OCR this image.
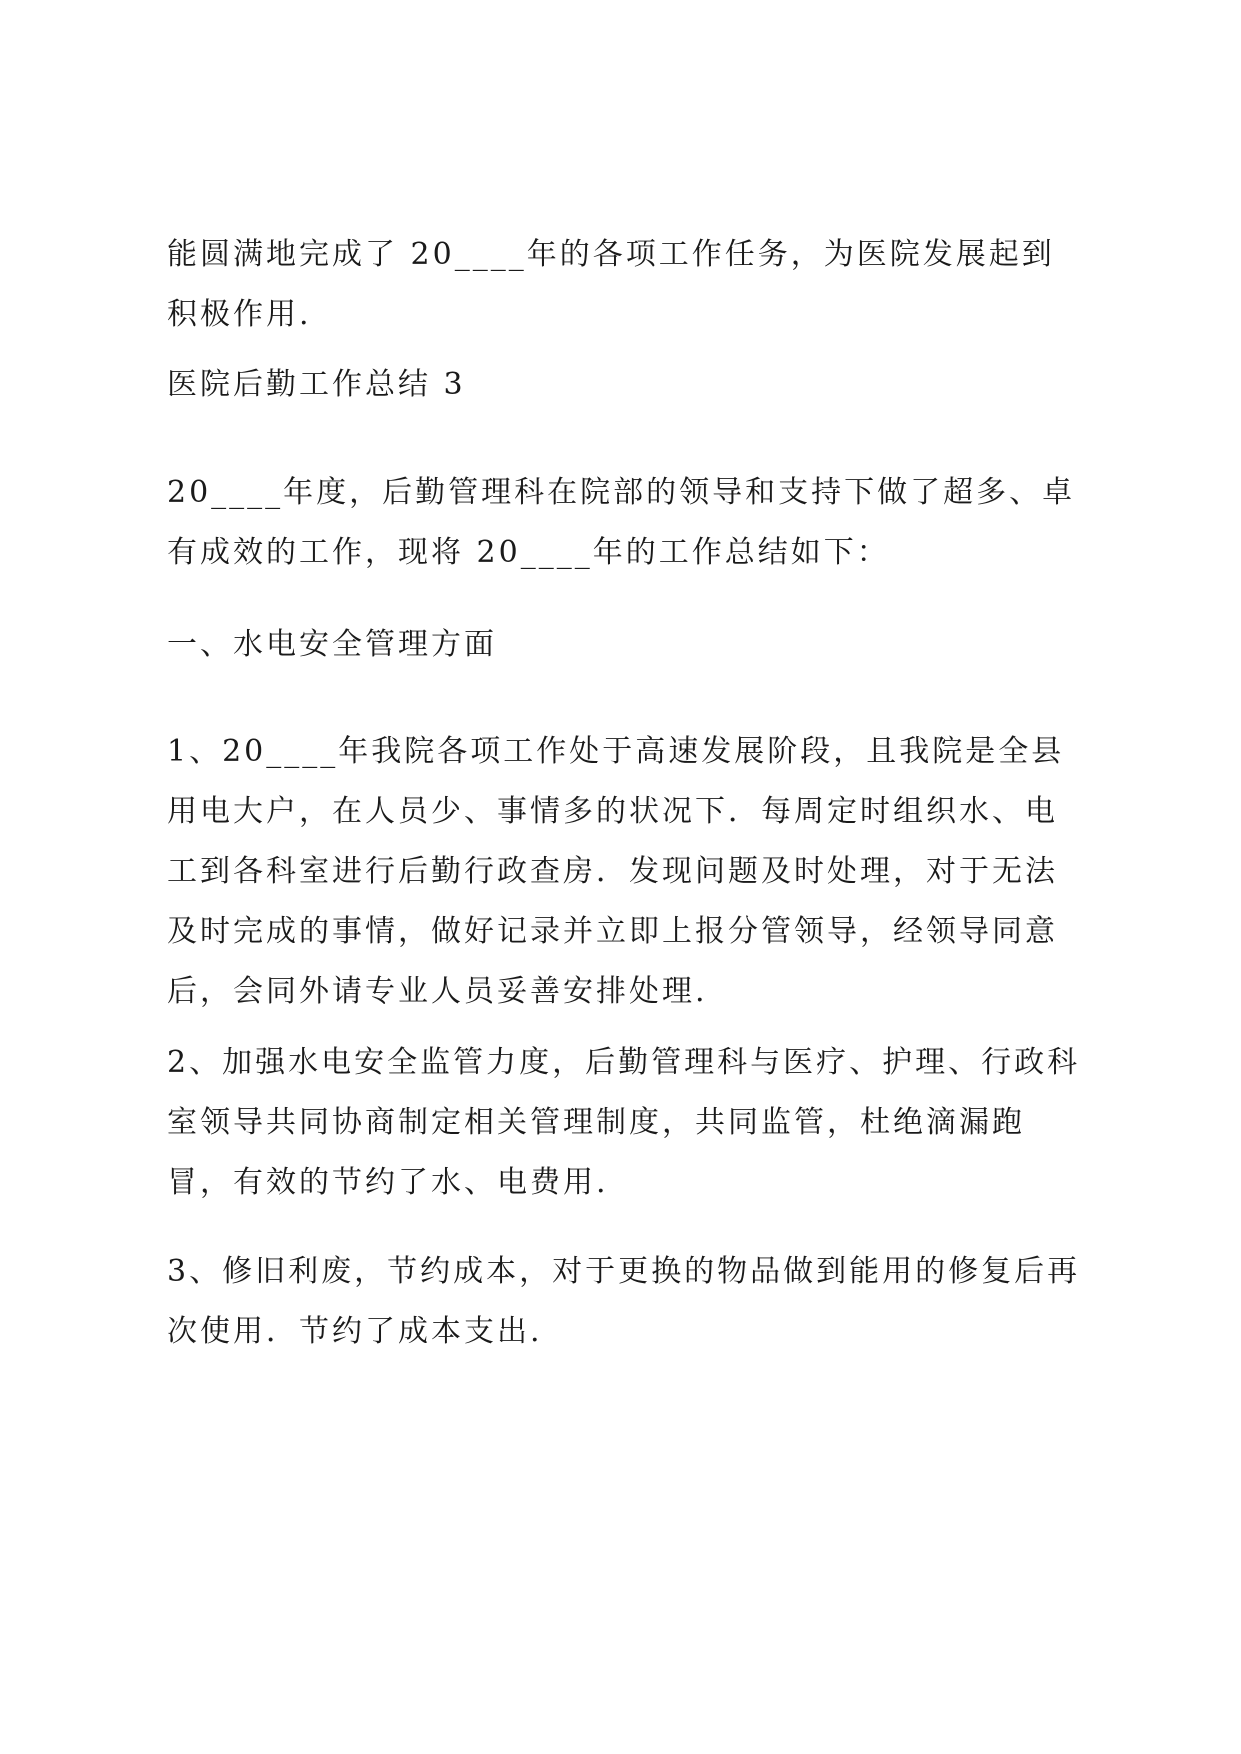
能圆满地完成了 20____年的各项工作任务，为医院发展起到积极作用.

医院后勤工作总结 3

20____年度，后勤管理科在院部的领导和支持下做了超多、卓有成效的工作，现将 20____年的工作总结如下：

一、水电安全管理方面

1、20____年我院各项工作处于高速发展阶段，且我院是全县用电大户，在人员少、事情多的状况下．每周定时组织水、电工到各科室进行后勤行政查房．发现问题及时处理，对于无法及时完成的事情，做好记录并立即上报分管领导，经领导同意后，会同外请专业人员妥善安排处理.

2、加强水电安全监管力度，后勤管理科与医疗、护理、行政科室领导共同协商制定相关管理制度，共同监管，杜绝滴漏跑冒，有效的节约了水、电费用.

3、修旧利废，节约成本，对于更换的物品做到能用的修复后再次使用．节约了成本支出.
